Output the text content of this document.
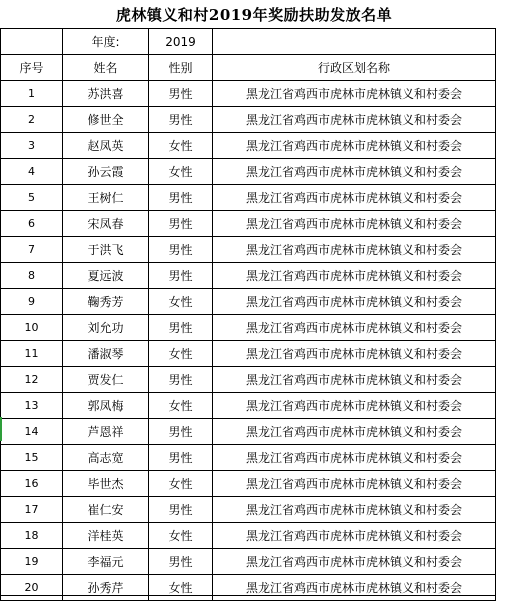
虎林镇义和村2019年奖励扶助发放名单
	年度:	2019	
序号	姓名	性别	行政区划名称
1	苏洪喜	男性	黑龙江省鸡西市虎林市虎林镇义和村委会
2	修世全	男性	黑龙江省鸡西市虎林市虎林镇义和村委会
3	赵凤英	女性	黑龙江省鸡西市虎林市虎林镇义和村委会
4	孙云霞	女性	黑龙江省鸡西市虎林市虎林镇义和村委会
5	王树仁	男性	黑龙江省鸡西市虎林市虎林镇义和村委会
6	宋凤春	男性	黑龙江省鸡西市虎林市虎林镇义和村委会
7	于洪飞	男性	黑龙江省鸡西市虎林市虎林镇义和村委会
8	夏远波	男性	黑龙江省鸡西市虎林市虎林镇义和村委会
9	鞠秀芳	女性	黑龙江省鸡西市虎林市虎林镇义和村委会
10	刘允功	男性	黑龙江省鸡西市虎林市虎林镇义和村委会
11	潘淑琴	女性	黑龙江省鸡西市虎林市虎林镇义和村委会
12	贾发仁	男性	黑龙江省鸡西市虎林市虎林镇义和村委会
13	郭凤梅	女性	黑龙江省鸡西市虎林市虎林镇义和村委会
14	芦恩祥	男性	黑龙江省鸡西市虎林市虎林镇义和村委会
15	高志宽	男性	黑龙江省鸡西市虎林市虎林镇义和村委会
16	毕世杰	女性	黑龙江省鸡西市虎林市虎林镇义和村委会
17	崔仁安	男性	黑龙江省鸡西市虎林市虎林镇义和村委会
18	洋桂英	女性	黑龙江省鸡西市虎林市虎林镇义和村委会
19	李福元	男性	黑龙江省鸡西市虎林市虎林镇义和村委会
20	孙秀芹	女性	黑龙江省鸡西市虎林市虎林镇义和村委会
